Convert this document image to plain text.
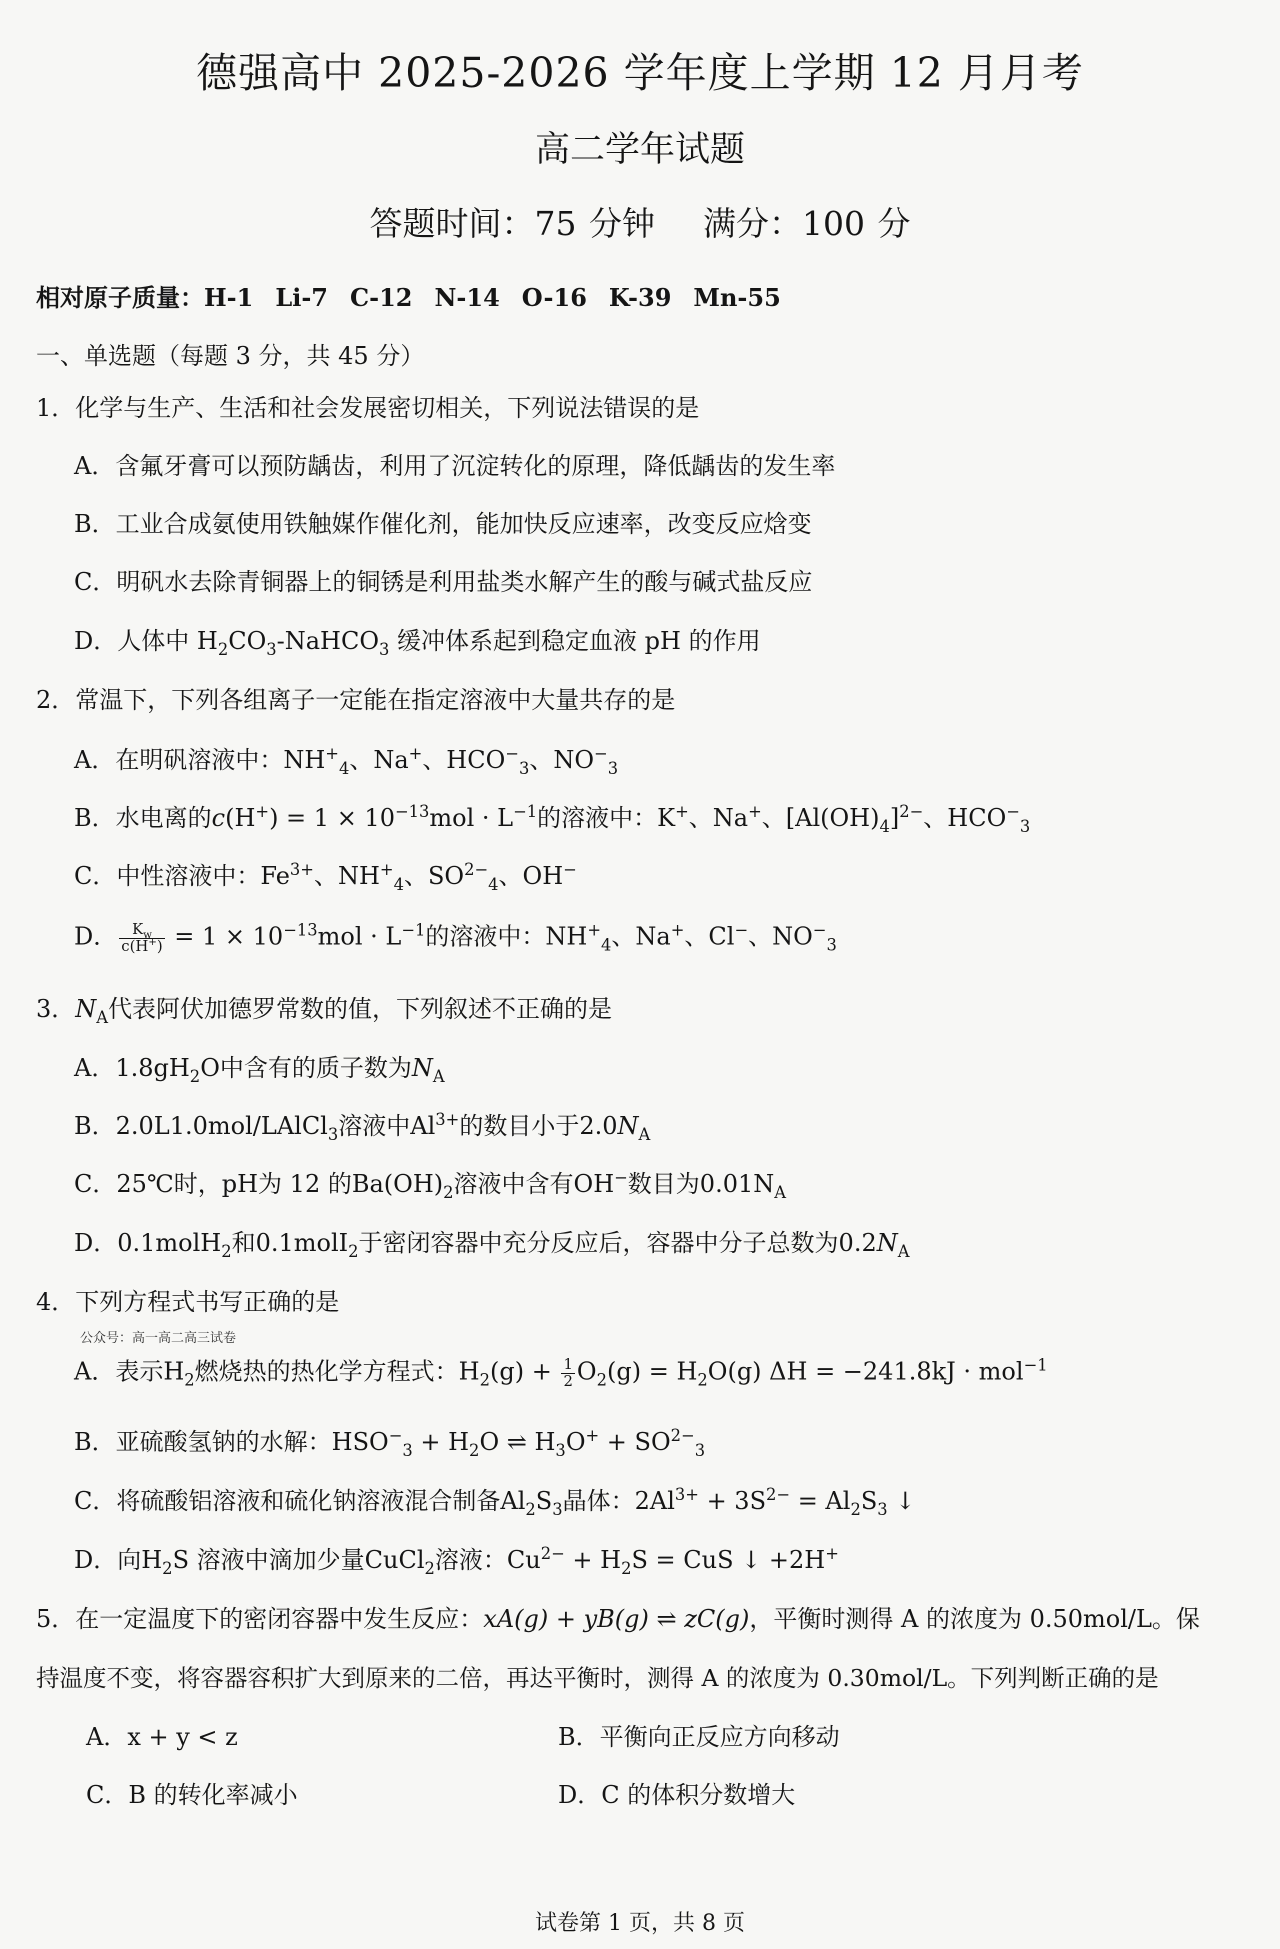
德强高中 2025-2026 学年度上学期 12 月月考
高二学年试题
答题时间：75 分钟 满分：100 分
相对原子质量：H-1 Li-7 C-12 N-14 O-16 K-39 Mn-55
一、单选题（每题 3 分，共 45 分）
1．化学与生产、生活和社会发展密切相关，下列说法错误的是
A．含氟牙膏可以预防龋齿，利用了沉淀转化的原理，降低龋齿的发生率
B．工业合成氨使用铁触媒作催化剂，能加快反应速率，改变反应焓变
C．明矾水去除青铜器上的铜锈是利用盐类水解产生的酸与碱式盐反应
D．人体中 $H_2CO_3-NaHCO_3$ 缓冲体系起到稳定血液 pH 的作用
2．常温下，下列各组离子一定能在指定溶液中大量共存的是
A．在明矾溶液中：$NH^+_4$、Na+、$HCO^-_3$、$NO^-_3$
B．水电离的$c(H^+) = 1 \times 10^{-13}mol \cdot L^{-1}$的溶液中：K+、Na+、$[Al(OH)_4]^{2-}$、$HCO^-_3$
C．中性溶液中：$Fe^{3+}$、$NH^+_4$、$SO^{2-}_4$、OH−
D． $\frac{K_w}{c(H^+)} = 1 \times 10^{-13}mol \cdot L^{-1}$的溶液中：$NH^+_4$、Na+、Cl−、$NO^-_3$
3．$N_A$代表阿伏加德罗常数的值，下列叙述不正确的是
A．$1.8gH_2O$中含有的质子数为$N_A$
B．2.0L1.0mol/LAlCl$_3$溶液中$Al^{3+}$的数目小于$2.0N_A$
C．25℃时，pH为 12 的$Ba(OH)_2$溶液中含有OH−数目为$0.01N_A$
D．0.1molH$_2$和0.1molI$_2$于密闭容器中充分反应后，容器中分子总数为$0.2N_A$
4．下列方程式书写正确的是
公众号：高一高二高三试卷
A．表示$H_2$燃烧热的热化学方程式：$H_2(g) + \frac{1}{2} O_2(g) = H_2O(g) \Delta H = -241.8kJ \cdot mol^{-1}$
B．亚硫酸氢钠的水解：$HSO^-_3 + H_2O$ ⇌ $H_3O^+ + SO^{2-}_3$
C．将硫酸铝溶液和硫化钠溶液混合制备$Al_2S_3$晶体：$2Al^{3+} + 3S^{2-} = Al_2S_3$ ↓
D．向$H_2S$ 溶液中滴加少量CuCl$_2$溶液：$Cu^{2-} + H_2S$ = CuS ↓ +2H+
5．在一定温度下的密闭容器中发生反应：xA(g) + yB(g) ⇌ zC(g)，平衡时测得 A 的浓度为 0.50mol/L。保
持温度不变，将容器容积扩大到原来的二倍，再达平衡时，测得 A 的浓度为 0.30mol/L。下列判断正确的是
A．x + y < z	B．平衡向正反应方向移动
C．B 的转化率减小	D．C 的体积分数增大
试卷第 1 页，共 8 页
